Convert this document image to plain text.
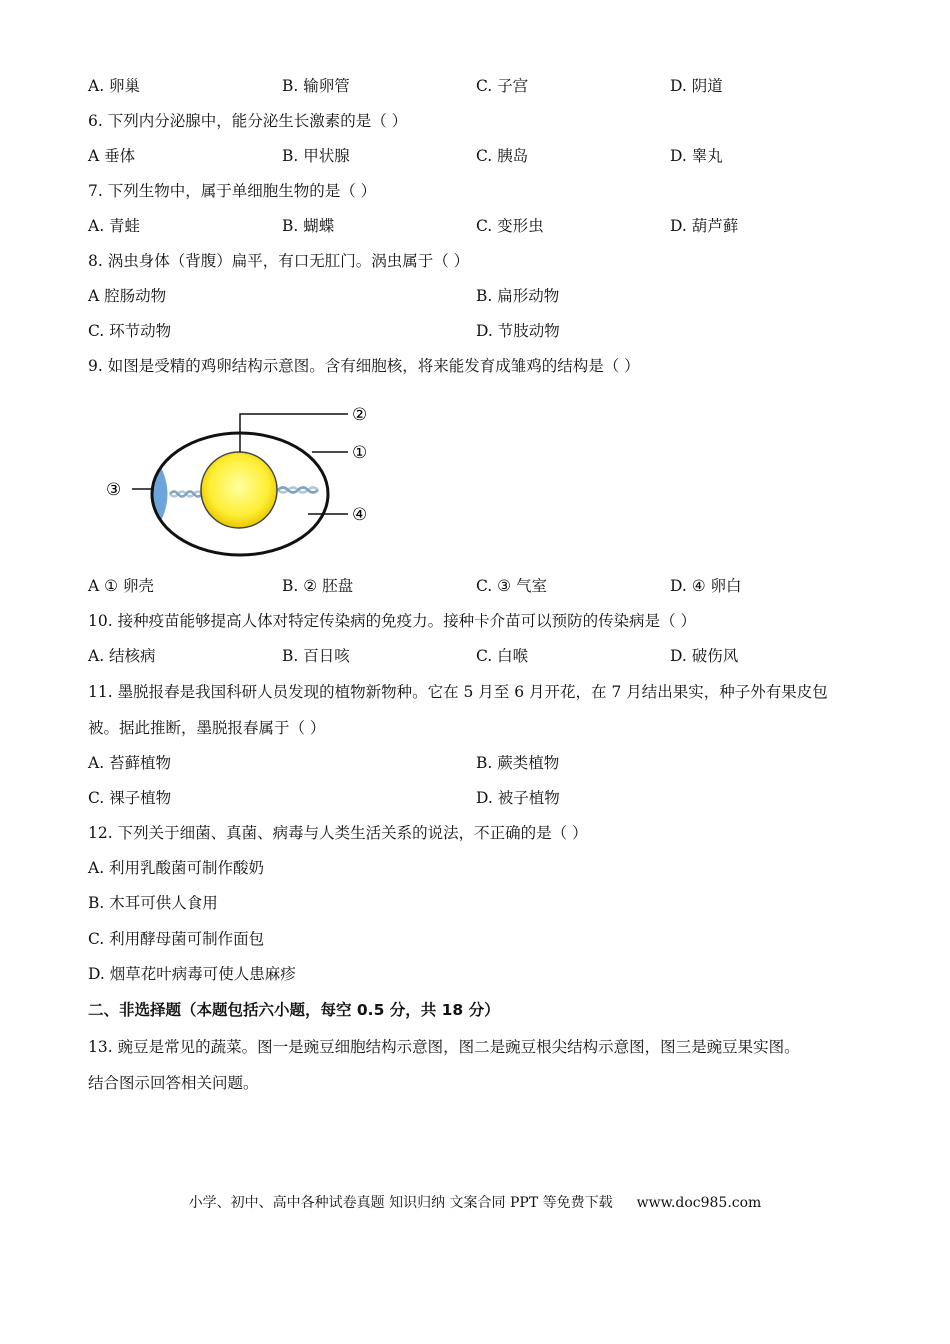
A. 卵巢	B. 输卵管	C. 子宫	D. 阴道
6. 下列内分泌腺中，能分泌生长激素的是（ ）
A 垂体	B. 甲状腺	C. 胰岛	D. 睾丸
7. 下列生物中，属于单细胞生物的是（ ）
A. 青蛙	B. 蝴蝶	C. 变形虫	D. 葫芦藓
8. 涡虫身体（背腹）扁平，有口无肛门。涡虫属于（ ）
A 腔肠动物	B. 扁形动物
C. 环节动物	D. 节肢动物
9. 如图是受精的鸡卵结构示意图。含有细胞核，将来能发育成雏鸡的结构是（ ）
②
①
③
④
A ① 卵壳	B. ② 胚盘	C. ③ 气室	D. ④ 卵白
10. 接种疫苗能够提高人体对特定传染病的免疫力。接种卡介苗可以预防的传染病是（ ）
A. 结核病	B. 百日咳	C. 白喉	D. 破伤风
11. 墨脱报春是我国科研人员发现的植物新物种。它在 5 月至 6 月开花，在 7 月结出果实，种子外有果皮包
被。据此推断，墨脱报春属于（ ）
A. 苔藓植物	B. 蕨类植物
C. 裸子植物	D. 被子植物
12. 下列关于细菌、真菌、病毒与人类生活关系的说法，不正确的是（ ）
A. 利用乳酸菌可制作酸奶
B. 木耳可供人食用
C. 利用酵母菌可制作面包
D. 烟草花叶病毒可使人患麻疹
二、非选择题（本题包括六小题，每空 0.5 分，共 18 分）
13. 豌豆是常见的蔬菜。图一是豌豆细胞结构示意图，图二是豌豆根尖结构示意图，图三是豌豆果实图。
结合图示回答相关问题。
小学、初中、高中各种试卷真题 知识归纳 文案合同 PPT 等免费下载 www.doc985.com
